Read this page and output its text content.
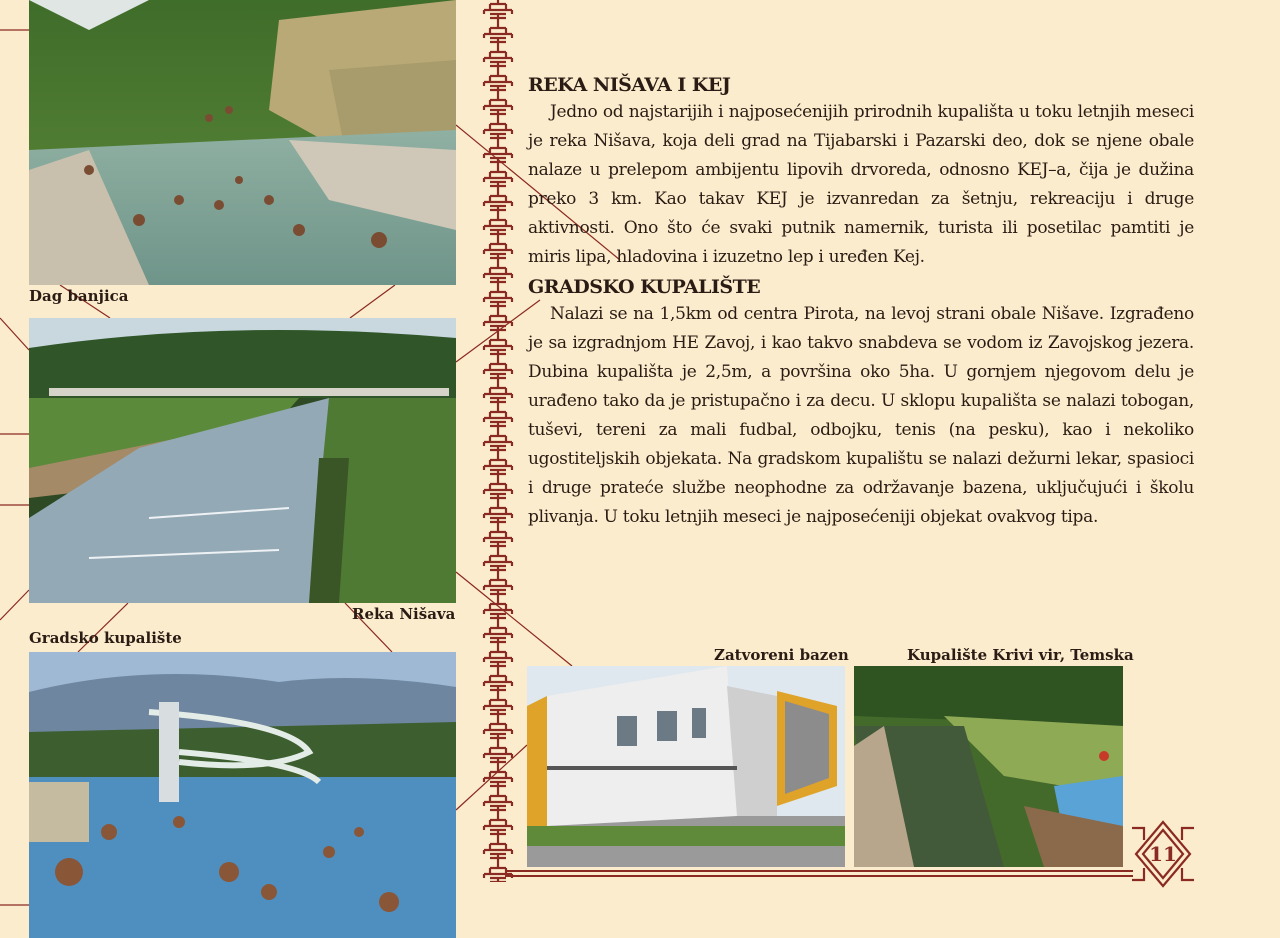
Dag banjica
Reka Nišava
Gradsko kupalište
REKA NIŠAVA I KEJ

Jedno od najstarijih i najposećenijih prirodnih kupališta u toku letnjih meseci je reka Nišava, koja deli grad na Tijabarski i Pazarski deo, dok se njene obale nalaze u prelepom ambijentu lipovih drvoreda, odnosno KEJ–a, čija je dužina preko 3 km. Kao takav KEJ je izvanredan za šetnju, rekreaciju i druge aktivnosti. Ono što će svaki putnik namernik, turista ili posetilac pamtiti je miris lipa, hladovina i izuzetno lep i uređen Kej.

GRADSKO KUPALIŠTE

Nalazi se na 1,5km od centra Pirota, na levoj strani obale Nišave. Izgrađeno je sa izgradnjom HE Zavoj, i kao takvo snabdeva se vodom iz Zavojskog jezera. Dubina kupališta je 2,5m, a površina oko 5ha. U gornjem njegovom delu je urađeno tako da je pristupačno i za decu. U sklopu kupališta se nalazi tobogan, tuševi, tereni za mali fudbal, odbojku, tenis (na pesku), kao i nekoliko ugostiteljskih objekata. Na gradskom kupalištu se nalazi dežurni lekar, spasioci i druge prateće službe neophodne za održavanje bazena, uključujući i školu plivanja. U toku letnjih meseci je najposećeniji objekat ovakvog tipa.

Zatvoreni bazen	Kupalište Krivi vir, Temska
11
